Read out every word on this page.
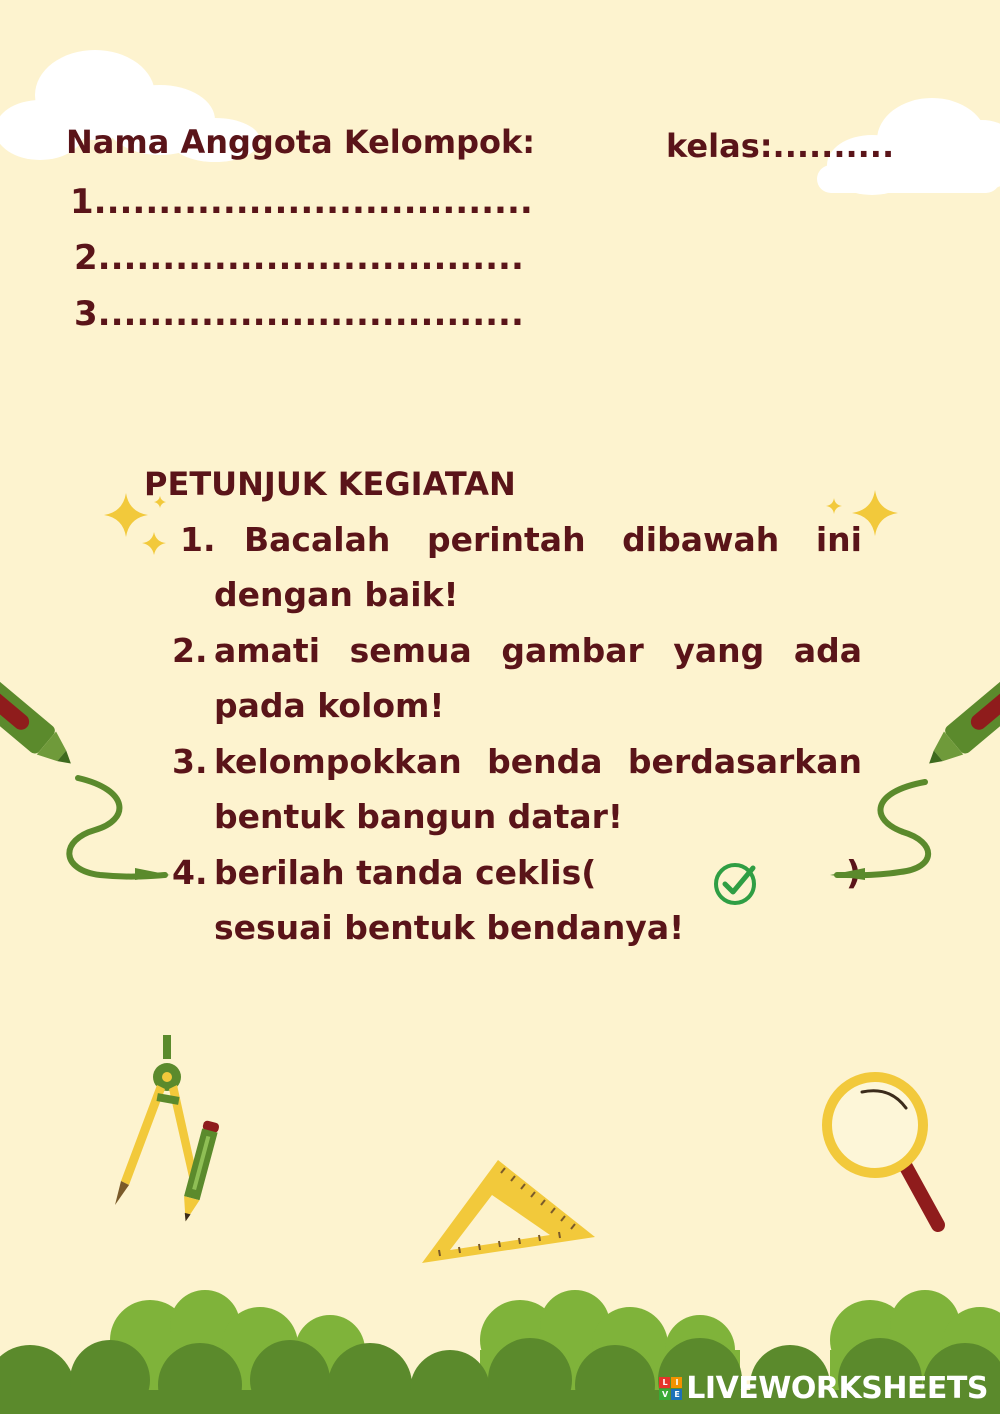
Nama Anggota Kelompok:	kelas:..........
1..................................
2.................................
3.................................
PETUNJUK KEGIATAN
1. Bacalah perintah dibawah ini
dengan baik!
2. amati semua gambar yang ada
pada kolom!
3. kelompokkan benda berdasarkan
bentuk bangun datar!
4. berilah tanda ceklis(
sesuai bentuk bendanya!
L	I
V E LIVEWORKSHEETS
